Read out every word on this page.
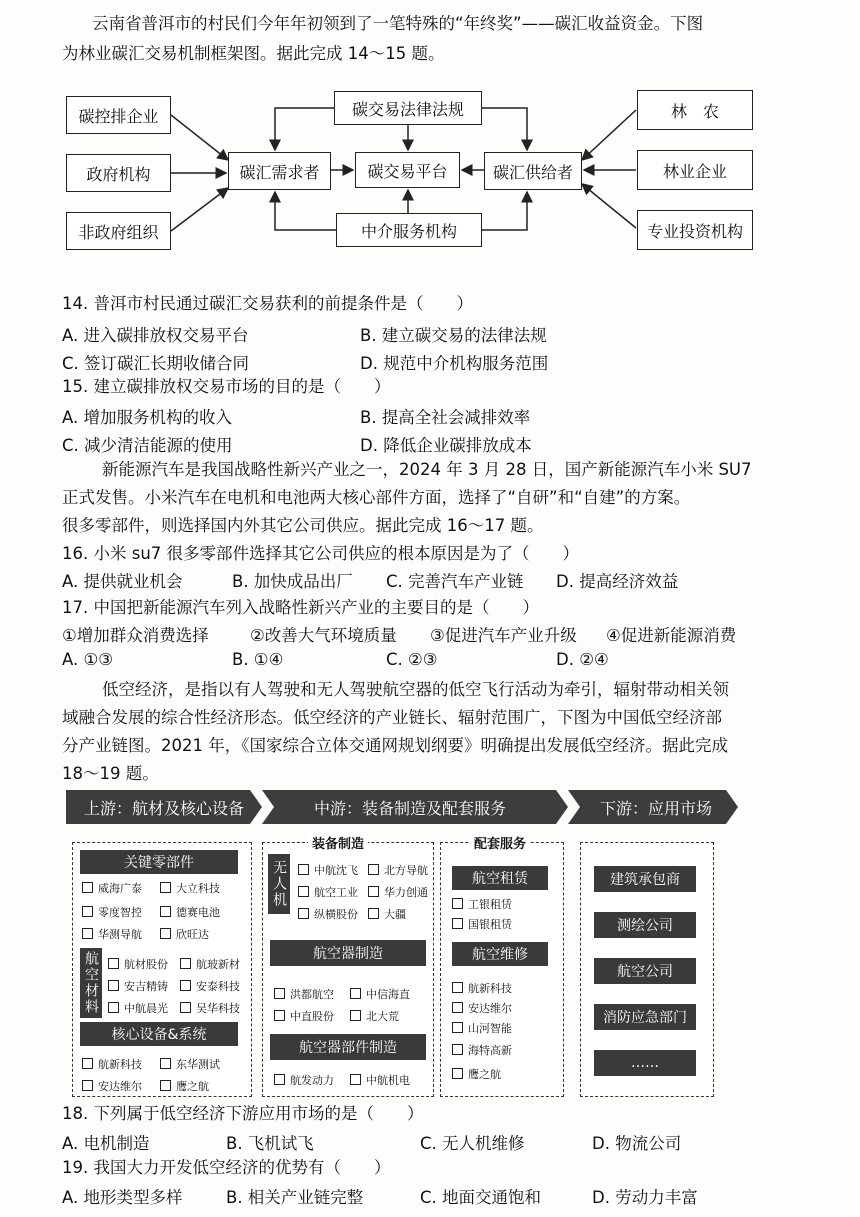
云南省普洱市的村民们今年年初领到了一笔特殊的“年终奖”——碳汇收益资金。下图
为林业碳汇交易机制框架图。据此完成 14～15 题。
碳控排企业
政府机构
非政府组织
碳汇需求者
碳交易法律法规
碳交易平台
中介服务机构
碳汇供给者
林　农
林业企业
专业投资机构
14. 普洱市村民通过碳汇交易获利的前提条件是（　　）
A. 进入碳排放权交易平台	B. 建立碳交易的法律法规
C. 签订碳汇长期收储合同	D. 规范中介机构服务范围
15. 建立碳排放权交易市场的目的是（　　）
A. 增加服务机构的收入	B. 提高全社会减排效率
C. 减少清洁能源的使用	D. 降低企业碳排放成本
新能源汽车是我国战略性新兴产业之一，2024 年 3 月 28 日，国产新能源汽车小米 SU7
正式发售。小米汽车在电机和电池两大核心部件方面，选择了“自研”和“自建”的方案。
很多零部件，则选择国内外其它公司供应。据此完成 16～17 题。
16. 小米 su7 很多零部件选择其它公司供应的根本原因是为了（　　）
A. 提供就业机会	B. 加快成品出厂 C. 完善汽车产业链 D. 提高经济效益
17. 中国把新能源汽车列入战略性新兴产业的主要目的是（　　）
①增加群众消费选择 ②改善大气环境质量 ③促进汽车产业升级 ④促进新能源消费
A. ①③	B. ①④	C. ②③	D. ②④
低空经济，是指以有人驾驶和无人驾驶航空器的低空飞行活动为牵引，辐射带动相关领
域融合发展的综合性经济形态。低空经济的产业链长、辐射范围广，下图为中国低空经济部
分产业链图。2021 年，《国家综合立体交通网规划纲要》明确提出发展低空经济。据此完成
18～19 题。
上游：航材及核心设备	中游：装备制造及配套服务	下游：应用市场
关键零部件
威海广泰	大立科技
零度智控	德赛电池
华测导航	欣旺达
航空材料	航材股份	航玻新材
安吉精铸	安泰科技
中航晨光	吴华科技
核心设备&系统
航新科技	东华测试
安达维尔	鹰之航
装备制造
无人机	中航沈飞	北方导航
航空工业	华力创通
纵横股份	大疆
航空器制造
洪都航空	中信海直
中直股份	北大荒
航空器部件制造
航发动力	中航机电
配套服务
航空租赁
工银租赁
国银租赁
航空维修
航新科技
安达维尔
山河智能
海特高新
鹰之航
建筑承包商
测绘公司
航空公司
消防应急部门
……
18. 下列属于低空经济下游应用市场的是（　　）
A. 电机制造	B. 飞机试飞	C. 无人机维修	D. 物流公司
19. 我国大力开发低空经济的优势有（　　）
A. 地形类型多样	B. 相关产业链完整	C. 地面交通饱和	D. 劳动力丰富
